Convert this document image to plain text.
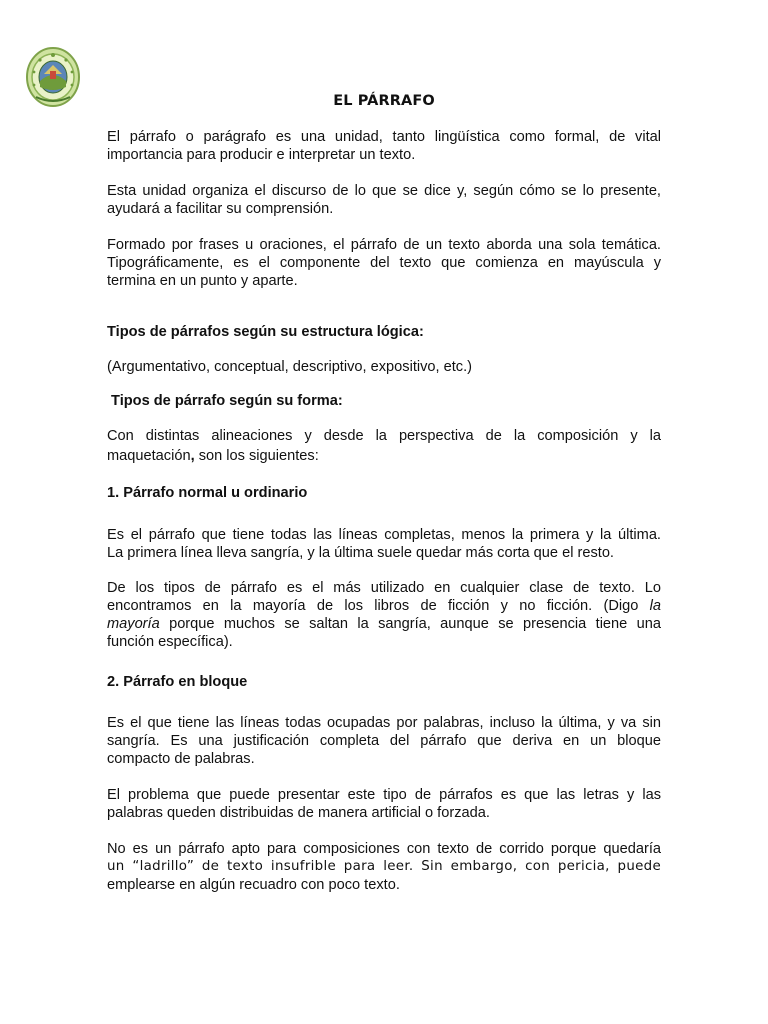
EL PÁRRAFO

El párrafo o parágrafo es una unidad, tanto lingüística como formal, de vital
importancia para producir e interpretar un texto.

Esta unidad organiza el discurso de lo que se dice y, según cómo se lo presente,
ayudará a facilitar su comprensión.

Formado por frases u oraciones, el párrafo de un texto aborda una sola temática.
Tipográficamente, es el componente del texto que comienza en mayúscula y
termina en un punto y aparte.

Tipos de párrafos según su estructura lógica:

(Argumentativo, conceptual, descriptivo, expositivo, etc.)

Tipos de párrafo según su forma:

Con distintas alineaciones y desde la perspectiva de la composición y la
maquetación, son los siguientes:

1. Párrafo normal u ordinario

Es el párrafo que tiene todas las líneas completas, menos la primera y la última.
La primera línea lleva sangría, y la última suele quedar más corta que el resto.

De los tipos de párrafo es el más utilizado en cualquier clase de texto. Lo
encontramos en la mayoría de los libros de ficción y no ficción. (Digo la
mayoría porque muchos se saltan la sangría, aunque se presencia tiene una
función específica).

2. Párrafo en bloque

Es el que tiene las líneas todas ocupadas por palabras, incluso la última, y va sin
sangría. Es una justificación completa del párrafo que deriva en un bloque
compacto de palabras.

El problema que puede presentar este tipo de párrafos es que las letras y las
palabras queden distribuidas de manera artificial o forzada.

No es un párrafo apto para composiciones con texto de corrido porque quedaría
un “ladrillo” de texto insufrible para leer. Sin embargo, con pericia, puede
emplearse en algún recuadro con poco texto.
